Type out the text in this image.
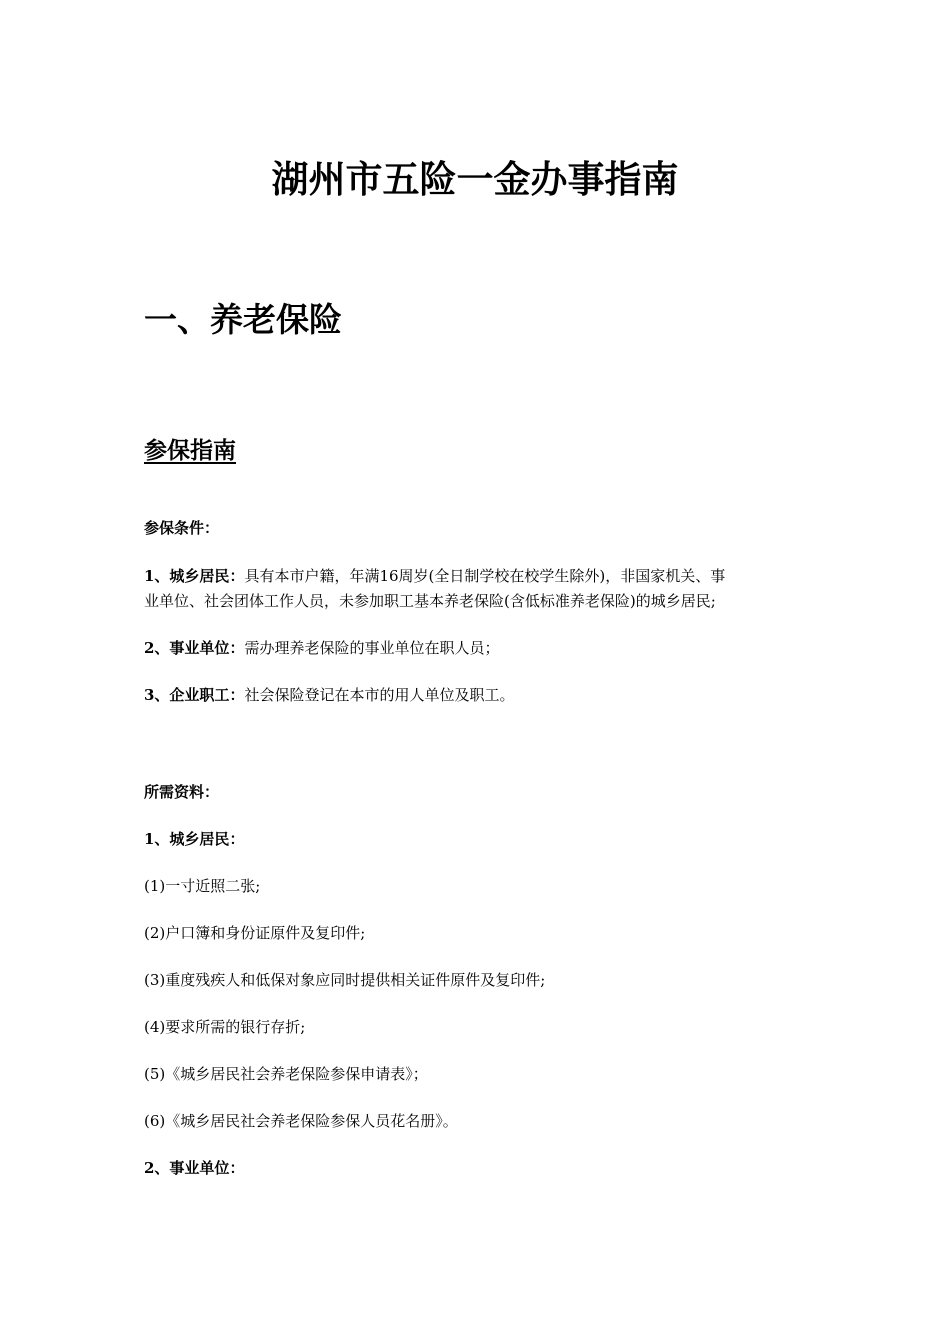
湖州市五险一金办事指南
一、养老保险
参保指南

参保条件：

1、城乡居民：具有本市户籍，年满16周岁(全日制学校在校学生除外)，非国家机关、事
业单位、社会团体工作人员，未参加职工基本养老保险(含低标准养老保险)的城乡居民;
2、事业单位：需办理养老保险的事业单位在职人员；
3、企业职工：社会保险登记在本市的用人单位及职工。

所需资料：

1、城乡居民：

(1)一寸近照二张;

(2)户口簿和身份证原件及复印件;

(3)重度残疾人和低保对象应同时提供相关证件原件及复印件;

(4)要求所需的银行存折;

(5)《城乡居民社会养老保险参保申请表》；

(6)《城乡居民社会养老保险参保人员花名册》。

2、事业单位：
